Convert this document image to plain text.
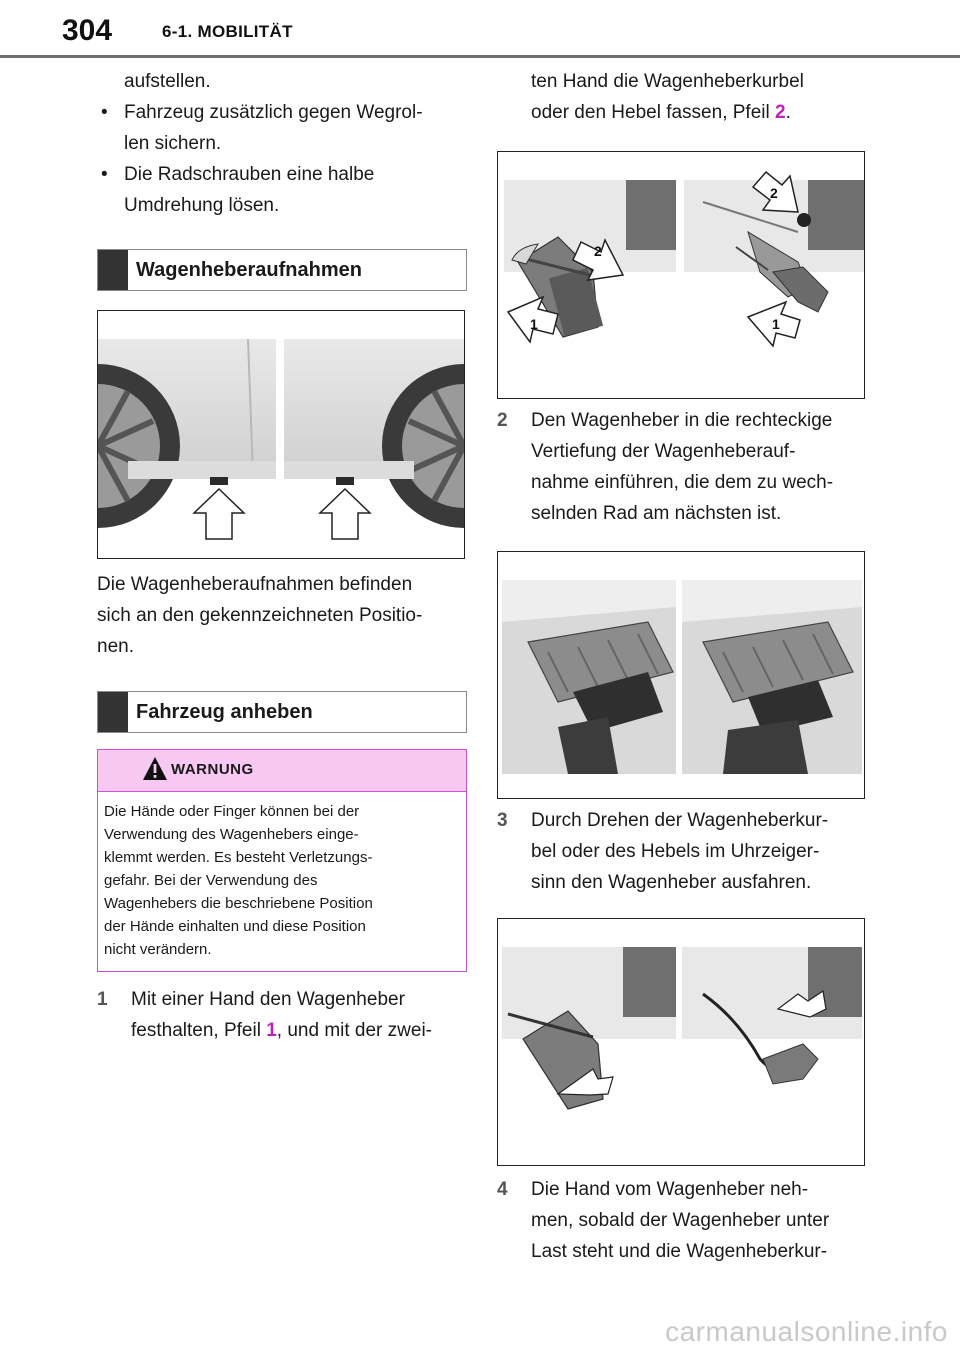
304	6-1. MOBILITÄT
aufstellen.
• Fahrzeug zusätzlich gegen Wegrol-
len sichern.
• Die Radschrauben eine halbe
Umdrehung lösen.
Wagenheberaufnahmen
Die Wagenheberaufnahmen befinden
sich an den gekennzeichneten Positio-
nen.
Fahrzeug anheben
WARNUNG
Die Hände oder Finger können bei der
Verwendung des Wagenhebers einge-
klemmt werden. Es besteht Verletzungs-
gefahr. Bei der Verwendung des
Wagenhebers die beschriebene Position
der Hände einhalten und diese Position
nicht verändern.
1 Mit einer Hand den Wagenheber
festhalten, Pfeil 1, und mit der zwei-
ten Hand die Wagenheberkurbel
oder den Hebel fassen, Pfeil 2.
1
2
2
1
2 Den Wagenheber in die rechteckige
Vertiefung der Wagenheberauf-
nahme einführen, die dem zu wech-
selnden Rad am nächsten ist.
3 Durch Drehen der Wagenheberkur-
bel oder des Hebels im Uhrzeiger-
sinn den Wagenheber ausfahren.
4 Die Hand vom Wagenheber neh-
men, sobald der Wagenheber unter
Last steht und die Wagenheberkur-
carmanualsonline.info
